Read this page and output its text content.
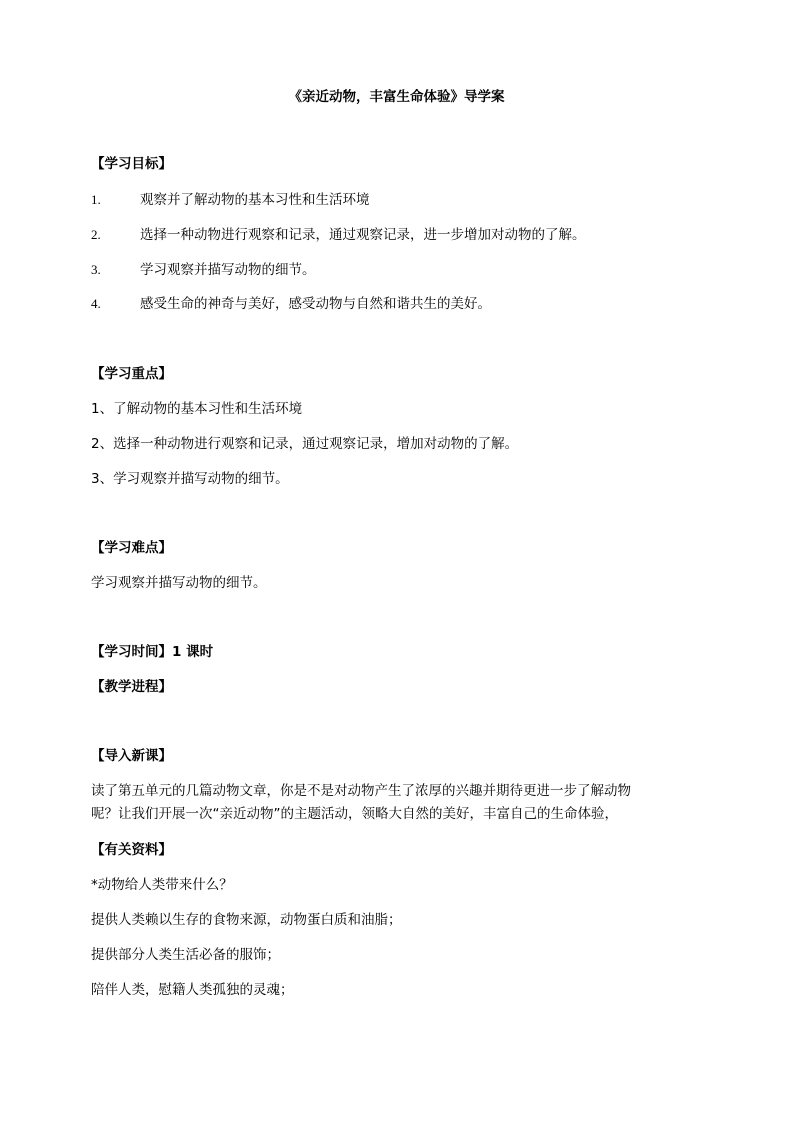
《亲近动物，丰富生命体验》导学案
【学习目标】
1.	观察并了解动物的基本习性和生活环境
2.	选择一种动物进行观察和记录，通过观察记录，进一步增加对动物的了解。
3.	学习观察并描写动物的细节。
4.	感受生命的神奇与美好，感受动物与自然和谐共生的美好。
【学习重点】
1、了解动物的基本习性和生活环境
2、选择一种动物进行观察和记录，通过观察记录，增加对动物的了解。
3、学习观察并描写动物的细节。
【学习难点】
学习观察并描写动物的细节。
【学习时间】1 课时
【教学进程】
【导入新课】
读了第五单元的几篇动物文章，你是不是对动物产生了浓厚的兴趣并期待更进一步了解动物
呢？让我们开展一次“亲近动物”的主题活动，领略大自然的美好，丰富自己的生命体验，
【有关资料】
*动物给人类带来什么？
提供人类赖以生存的食物来源，动物蛋白质和油脂；
提供部分人类生活必备的服饰；
陪伴人类，慰籍人类孤独的灵魂；
